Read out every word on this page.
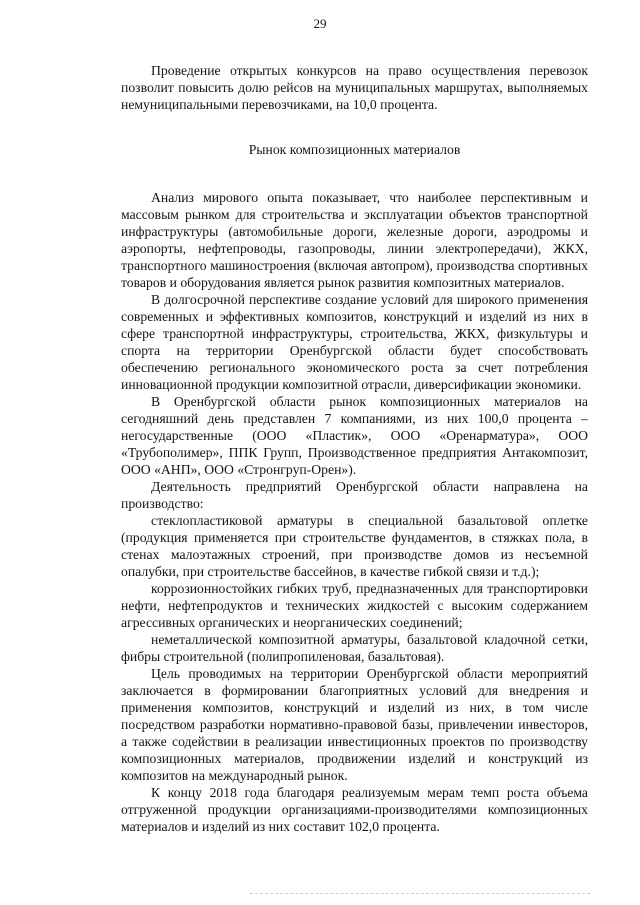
29

Проведение открытых конкурсов на право осуществления перевозок позволит повысить долю рейсов на муниципальных маршрутах, выполняемых немуниципальными перевозчиками, на 10,0 процента.

Рынок композиционных материалов

Анализ мирового опыта показывает, что наиболее перспективным и массовым рынком для строительства и эксплуатации объектов транспортной инфраструктуры (автомобильные дороги, железные дороги, аэродромы и аэропорты, нефтепроводы, газопроводы, линии электропередачи), ЖКХ, транспортного машиностроения (включая автопром), производства спортивных товаров и оборудования является рынок развития композитных материалов.

В долгосрочной перспективе создание условий для широкого применения современных и эффективных композитов, конструкций и изделий из них в сфере транспортной инфраструктуры, строительства, ЖКХ, физкультуры и спорта на территории Оренбургской области будет способствовать обеспечению регионального экономического роста за счет потребления инновационной продукции композитной отрасли, диверсификации экономики.

В Оренбургской области рынок композиционных материалов на сегодняшний день представлен 7 компаниями, из них 100,0 процента – негосударственные (ООО «Пластик», ООО «Оренарматура», ООО «Трубополимер», ППК Групп, Производственное предприятия Антакомпозит, ООО «АНП», ООО «Стронгруп-Орен»).

Деятельность предприятий Оренбургской области направлена на производство:

стеклопластиковой арматуры в специальной базальтовой оплетке (продукция применяется при строительстве фундаментов, в стяжках пола, в стенах малоэтажных строений, при производстве домов из несъемной опалубки, при строительстве бассейнов, в качестве гибкой связи и т.д.);

коррозионностойких гибких труб, предназначенных для транспортировки нефти, нефтепродуктов и технических жидкостей с высоким содержанием агрессивных органических и неорганических соединений;

неметаллической композитной арматуры, базальтовой кладочной сетки, фибры строительной (полипропиленовая, базальтовая).

Цель проводимых на территории Оренбургской области мероприятий заключается в формировании благоприятных условий для внедрения и применения композитов, конструкций и изделий из них, в том числе посредством разработки нормативно-правовой базы, привлечении инвесторов, а также содействии в реализации инвестиционных проектов по производству композиционных материалов, продвижении изделий и конструкций из композитов на международный рынок.

К концу 2018 года благодаря реализуемым мерам темп роста объема отгруженной продукции организациями-производителями композиционных материалов и изделий из них составит 102,0 процента.
